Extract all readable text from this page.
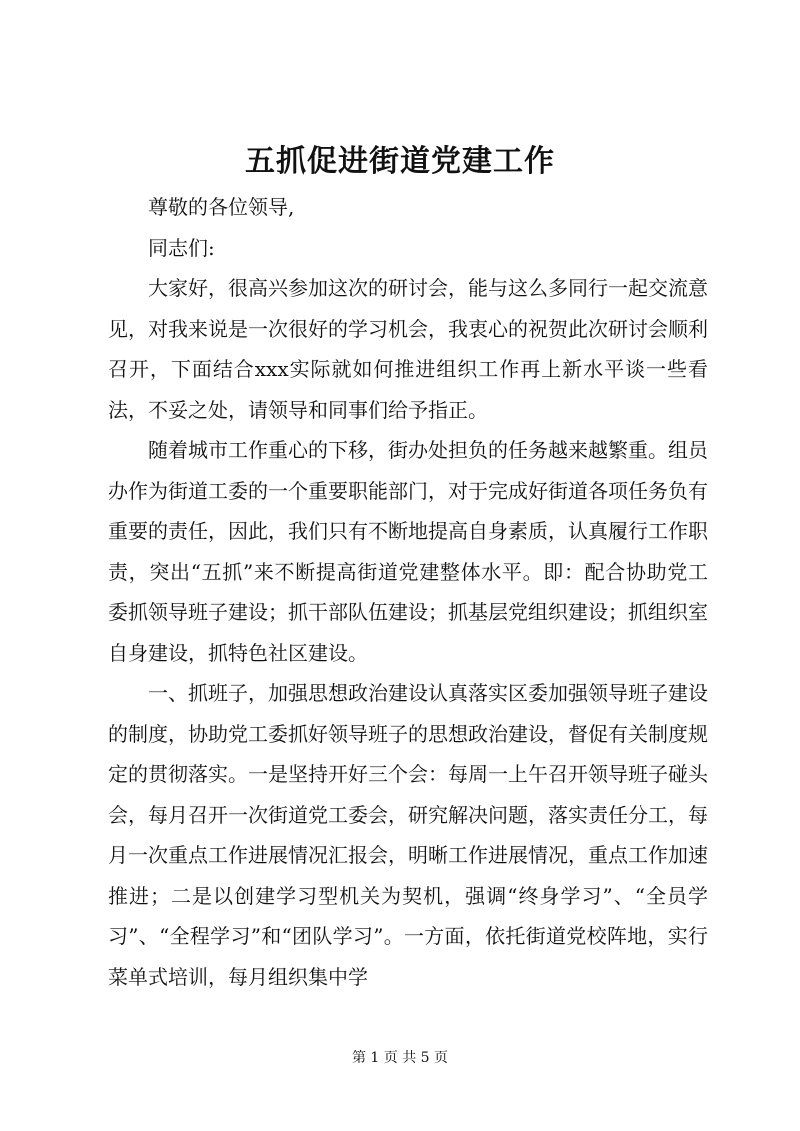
五抓促进街道党建工作

尊敬的各位领导,

同志们:

大家好，很高兴参加这次的研讨会，能与这么多同行一起交流意见，对我来说是一次很好的学习机会，我衷心的祝贺此次研讨会顺利召开，下面结合xxx实际就如何推进组织工作再上新水平谈一些看法，不妥之处，请领导和同事们给予指正。

随着城市工作重心的下移，街办处担负的任务越来越繁重。组员办作为街道工委的一个重要职能部门，对于完成好街道各项任务负有重要的责任，因此，我们只有不断地提高自身素质，认真履行工作职责，突出“五抓”来不断提高街道党建整体水平。即：配合协助党工委抓领导班子建设；抓干部队伍建设；抓基层党组织建设；抓组织室自身建设，抓特色社区建设。

一、抓班子，加强思想政治建设认真落实区委加强领导班子建设的制度，协助党工委抓好领导班子的思想政治建设，督促有关制度规定的贯彻落实。一是坚持开好三个会：每周一上午召开领导班子碰头会，每月召开一次街道党工委会，研究解决问题，落实责任分工，每月一次重点工作进展情况汇报会，明晰工作进展情况，重点工作加速推进；二是以创建学习型机关为契机，强调“终身学习”、“全员学习”、“全程学习”和“团队学习”。一方面，依托街道党校阵地，实行菜单式培训，每月组织集中学

第 1 页 共 5 页
